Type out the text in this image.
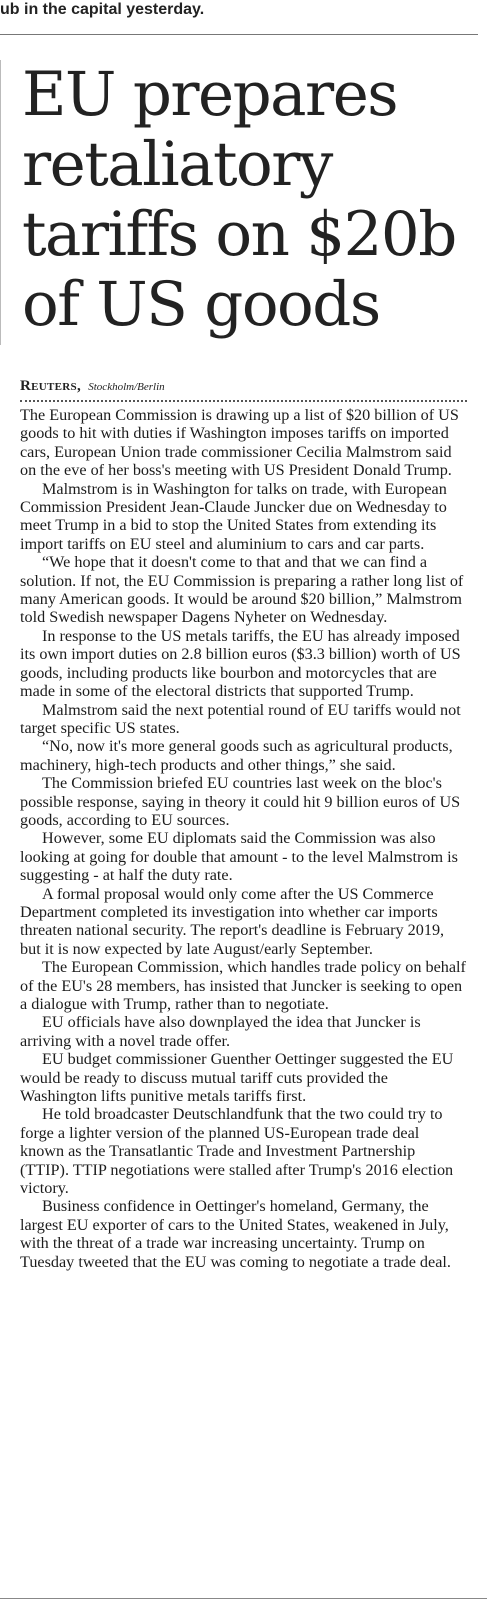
ub in the capital yesterday.
EU prepares retaliatory tariffs on $20b of US goods
Reuters, Stockholm/Berlin

The European Commission is drawing up a list of $20 billion of US goods to hit with duties if Washington imposes tariffs on imported cars, European Union trade commissioner Cecilia Malmstrom said on the eve of her boss's meeting with US President Donald Trump.

Malmstrom is in Washington for talks on trade, with European Commission President Jean-Claude Juncker due on Wednesday to meet Trump in a bid to stop the United States from extending its import tariffs on EU steel and aluminium to cars and car parts.

“We hope that it doesn't come to that and that we can find a solution. If not, the EU Commission is preparing a rather long list of many American goods. It would be around $20 billion,” Malmstrom told Swedish newspaper Dagens Nyheter on Wednesday.

In response to the US metals tariffs, the EU has already imposed its own import duties on 2.8 billion euros ($3.3 billion) worth of US goods, including products like bourbon and motorcycles that are made in some of the electoral districts that supported Trump.

Malmstrom said the next potential round of EU tariffs would not target specific US states.

“No, now it's more general goods such as agricultural products, machinery, high-tech products and other things,” she said.

The Commission briefed EU countries last week on the bloc's possible response, saying in theory it could hit 9 billion euros of US goods, according to EU sources.

However, some EU diplomats said the Commission was also looking at going for double that amount - to the level Malmstrom is suggesting - at half the duty rate.

A formal proposal would only come after the US Commerce Department completed its investigation into whether car imports threaten national security. The report's deadline is February 2019, but it is now expected by late August/early September.

The European Commission, which handles trade policy on behalf of the EU's 28 members, has insisted that Juncker is seeking to open a dialogue with Trump, rather than to negotiate.

EU officials have also downplayed the idea that Juncker is arriving with a novel trade offer.

EU budget commissioner Guenther Oettinger suggested the EU would be ready to discuss mutual tariff cuts provided the Washington lifts punitive metals tariffs first.

He told broadcaster Deutschlandfunk that the two could try to forge a lighter version of the planned US-European trade deal known as the Transatlantic Trade and Investment Partnership (TTIP). TTIP negotiations were stalled after Trump's 2016 election victory.

Business confidence in Oettinger's homeland, Germany, the largest EU exporter of cars to the United States, weakened in July, with the threat of a trade war increasing uncertainty. Trump on Tuesday tweeted that the EU was coming to negotiate a trade deal.
